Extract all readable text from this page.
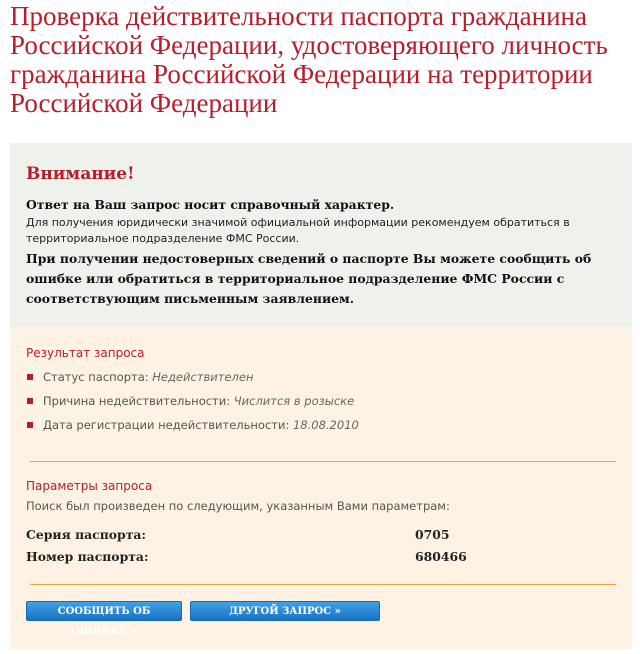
Проверка действительности паспорта гражданина Российской Федерации, удостоверяющего личность гражданина Российской Федерации на территории Российской Федерации
Внимание!

Ответ на Ваш запрос носит справочный характер.

Для получения юридически значимой официальной информации рекомендуем обратиться в территориальное подразделение ФМС России.

При получении недостоверных сведений о паспорте Вы можете сообщить об ошибке или обратиться в территориальное подразделение ФМС России с соответствующим письменным заявлением.

Результат запроса
Статус паспорта: Недействителен
Причина недействительности: Числится в розыске
Дата регистрации недействительности: 18.08.2010
Параметры запроса
Поиск был произведен по следующим, указанным Вами параметрам:
Серия паспорта:	0705
Номер паспорта:	680466
СООБЩИТЬ ОБ ОШИБКЕ »
ДРУГОЙ ЗАПРОС »
